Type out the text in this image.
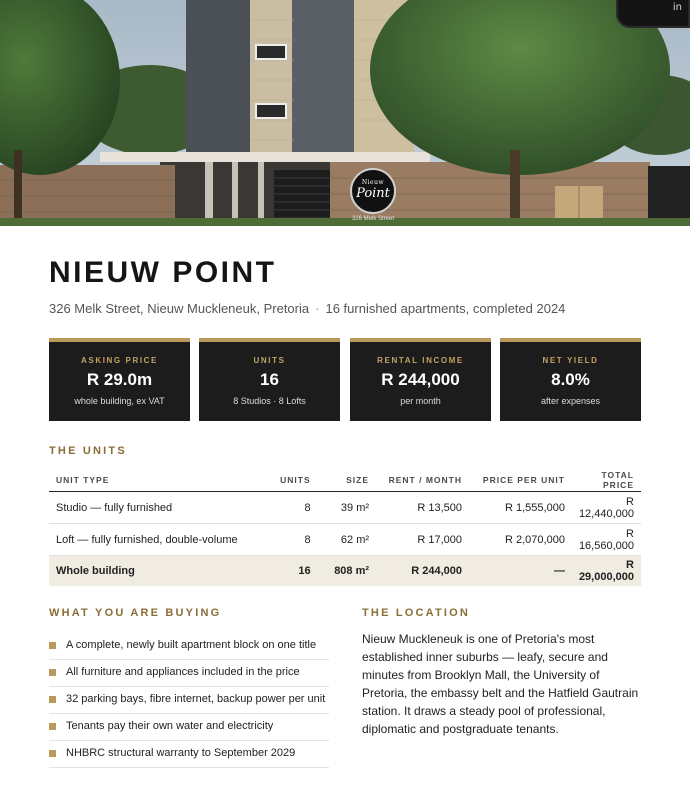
in
Nieuw
Point
326 Melk Street
NIEUW POINT
326 Melk Street, Nieuw Muckleneuk, Pretoria · 16 furnished apartments, completed 2024
ASKING PRICE
R 29.0m
whole building, ex VAT
UNITS
16
8 Studios · 8 Lofts
RENTAL INCOME
R 244,000
per month
NET YIELD
8.0%
after expenses
THE UNITS
UNIT TYPE	UNITS	SIZE	RENT / MONTH	PRICE PER UNIT	TOTAL PRICE
Studio — fully furnished	8	39 m²	R 13,500	R 1,555,000	R 12,440,000
Loft — fully furnished, double-volume	8	62 m²	R 17,000	R 2,070,000	R 16,560,000
Whole building	16	808 m²	R 244,000	—	R 29,000,000
WHAT YOU ARE BUYING
A complete, newly built apartment block on one title
All furniture and appliances included in the price
32 parking bays, fibre internet, backup power per unit
Tenants pay their own water and electricity
NHBRC structural warranty to September 2029
THE LOCATION

Nieuw Muckleneuk is one of Pretoria's most established inner suburbs — leafy, secure and minutes from Brooklyn Mall, the University of Pretoria, the embassy belt and the Hatfield Gautrain station. It draws a steady pool of professional, diplomatic and postgraduate tenants.
